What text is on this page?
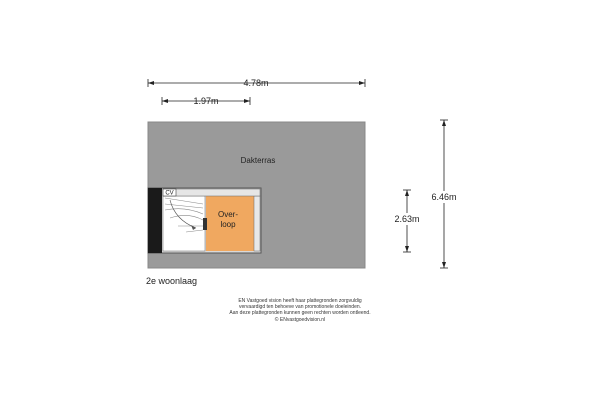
4.78m
1.97m
6.46m
2.63m
Dakterras
CV
Over-
loop
2e woonlaag
EN Vastgoed vision heeft haar plattegronden zorgvuldig
vervaardigd ten behoeve van promotionele doeleinden.
Aan deze plattegronden kunnen geen rechten worden ontleend.
© ENvastgoedvision.nl
